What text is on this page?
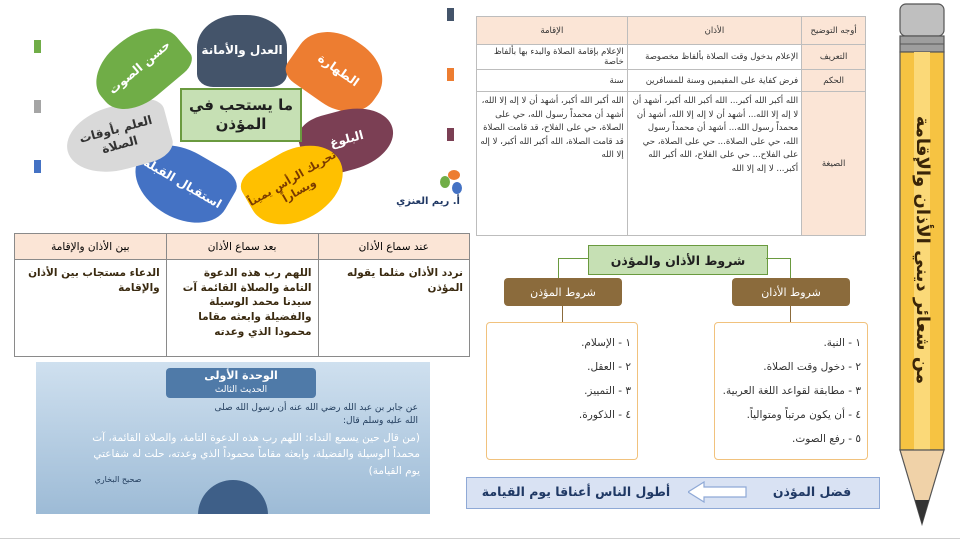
العدل والأمانة
الطهارة
البلوغ
تحريك الرأس يميناً ويساراً
استقبال القبلة
العلم بأوقات الصلاة
حسن الصوت
ما يستحب في المؤذن
أ. ريم العنزي
بين الأذان والإقامة	بعد سماع الأذان	عند سماع الأذان
الدعاء مستجاب بين الأذان والإقامة	اللهم رب هذه الدعوة التامة والصلاة القائمة آت سيدنا محمد الوسيلة والفضيلة وابعثه مقاما محمودا الذي وعدته	نردد الأذان مثلما يقوله المؤذن
الوحدة الأولى
الحديث الثالث
عن جابر بن عبد الله رضي الله عنه أن رسول الله صلى الله عليه وسلم قال:
(من قال حين يسمع النداء: اللهم رب هذه الدعوة التامة، والصلاة القائمة، آت محمداً الوسيلة والفضيلة، وابعثه مقاماً محموداً الذي وعدته، حلت له شفاعتي يوم القيامة)
صحيح البخاري
الإقامة	الأذان	أوجه التوضيح
الإعلام بإقامة الصلاة والبدء بها بألفاظ خاصة	الإعلام بدخول وقت الصلاة بألفاظ مخصوصة	التعريف
سنة	فرض كفاية على المقيمين وسنة للمسافرين	الحكم
الله أكبر الله أكبر، أشهد أن لا إله إلا الله، أشهد أن محمداً رسول الله، حي على الصلاة، حي على الفلاح، قد قامت الصلاة قد قامت الصلاة، الله أكبر الله أكبر، لا إله إلا الله	الله أكبر الله أكبر... الله أكبر الله أكبر، أشهد أن لا إله إلا الله... أشهد أن لا إله إلا الله، أشهد أن محمداً رسول الله... أشهد أن محمداً رسول الله، حي على الصلاة... حي على الصلاة، حي على الفلاح... حي على الفلاح، الله أكبر الله أكبر... لا إله إلا الله	الصيغة
شروط الأذان والمؤذن
شروط المؤذن	شروط الأذان
١ - الإسلام.
٢ - العقل.
٣ - التمييز.
٤ - الذكورة.
١ - النية.
٢ - دخول وقت الصلاة.
٣ - مطابقة لقواعد اللغة العربية.
٤ - أن يكون مرتباً ومتوالياً.
٥ - رفع الصوت.
أطول الناس أعناقا يوم القيامة	فضل المؤذن
من شعائر ديني الأذان والإقامة
